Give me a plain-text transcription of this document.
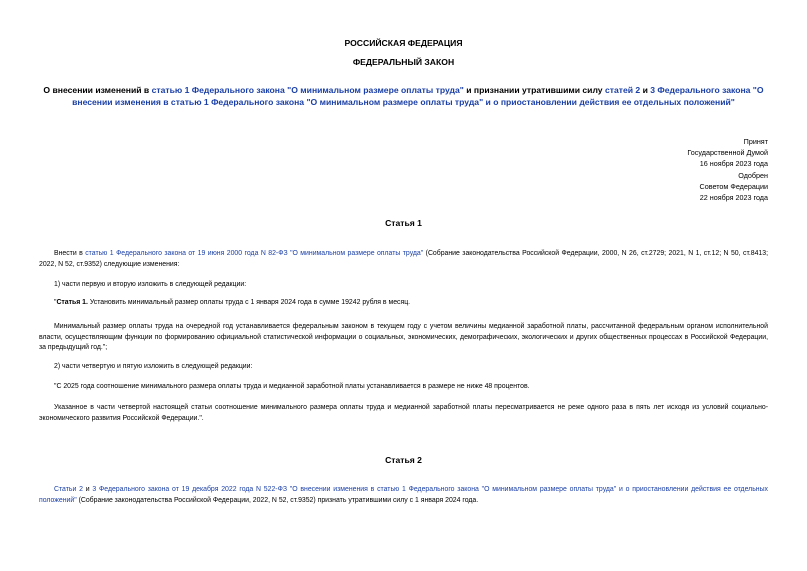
РОССИЙСКАЯ ФЕДЕРАЦИЯ
ФЕДЕРАЛЬНЫЙ ЗАКОН
О внесении изменений в статью 1 Федерального закона "О минимальном размере оплаты труда" и признании утратившими силу статей 2 и 3 Федерального закона "О внесении изменения в статью 1 Федерального закона "О минимальном размере оплаты труда" и о приостановлении действия ее отдельных положений"
Принят
Государственной Думой
16 ноября 2023 года
Одобрен
Советом Федерации
22 ноября 2023 года
Статья 1

Внести в статью 1 Федерального закона от 19 июня 2000 года N 82-ФЗ "О минимальном размере оплаты труда" (Собрание законодательства Российской Федерации, 2000, N 26, ст.2729; 2021, N 1, ст.12; N 50, ст.8413; 2022, N 52, ст.9352) следующие изменения:

1) части первую и вторую изложить в следующей редакции:

"Статья 1. Установить минимальный размер оплаты труда с 1 января 2024 года в сумме 19242 рубля в месяц.

Минимальный размер оплаты труда на очередной год устанавливается федеральным законом в текущем году с учетом величины медианной заработной платы, рассчитанной федеральным органом исполнительной власти, осуществляющим функции по формированию официальной статистической информации о социальных, экономических, демографических, экологических и других общественных процессах в Российской Федерации, за предыдущий год.";

2) части четвертую и пятую изложить в следующей редакции:

"С 2025 года соотношение минимального размера оплаты труда и медианной заработной платы устанавливается в размере не ниже 48 процентов.

Указанное в части четвертой настоящей статьи соотношение минимального размера оплаты труда и медианной заработной платы пересматривается не реже одного раза в пять лет исходя из условий социально-экономического развития Российской Федерации.".

Статья 2

Статьи 2 и 3 Федерального закона от 19 декабря 2022 года N 522-ФЗ "О внесении изменения в статью 1 Федерального закона "О минимальном размере оплаты труда" и о приостановлении действия ее отдельных положений" (Собрание законодательства Российской Федерации, 2022, N 52, ст.9352) признать утратившими силу с 1 января 2024 года.
